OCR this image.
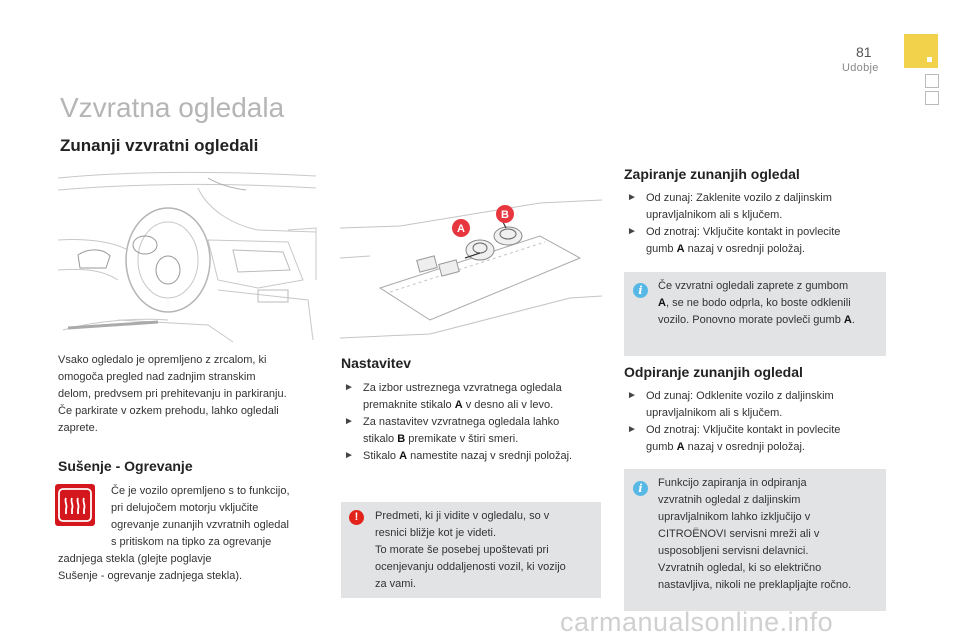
81
Udobje
Vzvratna ogledala
Zunanji vzvratni ogledali
A
B
Vsako ogledalo je opremljeno z zrcalom, ki
omogoča pregled nad zadnjim stranskim
delom, predvsem pri prehitevanju in parkiranju.
Če parkirate v ozkem prehodu, lahko ogledali
zaprete.
Sušenje - Ogrevanje
Če je vozilo opremljeno s to funkcijo,
pri delujočem motorju vključite
ogrevanje zunanjih vzvratnih ogledal
s pritiskom na tipko za ogrevanje
zadnjega stekla (glejte poglavje
Sušenje - ogrevanje zadnjega stekla).
Nastavitev
► Za izbor ustreznega vzvratnega ogledala
premaknite stikalo A v desno ali v levo.
► Za nastavitev vzvratnega ogledala lahko
stikalo B premikate v štiri smeri.
► Stikalo A namestite nazaj v srednji položaj.
!	Predmeti, ki ji vidite v ogledalu, so v
resnici bližje kot je videti.
To morate še posebej upoštevati pri
ocenjevanju oddaljenosti vozil, ki vozijo
za vami.
Zapiranje zunanjih ogledal
► Od zunaj: Zaklenite vozilo z daljinskim
upravljalnikom ali s ključem.
► Od znotraj: Vključite kontakt in povlecite
gumb A nazaj v osrednji položaj.
i	Če vzvratni ogledali zaprete z gumbom
A, se ne bodo odprla, ko boste odklenili
vozilo. Ponovno morate povleči gumb A.
Odpiranje zunanjih ogledal
► Od zunaj: Odklenite vozilo z daljinskim
upravljalnikom ali s ključem.
► Od znotraj: Vključite kontakt in povlecite
gumb A nazaj v osrednji položaj.
i	Funkcijo zapiranja in odpiranja
vzvratnih ogledal z daljinskim
upravljalnikom lahko izključijo v
CITROËNOVI servisni mreži ali v
usposobljeni servisni delavnici.
Vzvratnih ogledal, ki so električno
nastavljiva, nikoli ne preklapljajte ročno.
carmanualsonline.info
